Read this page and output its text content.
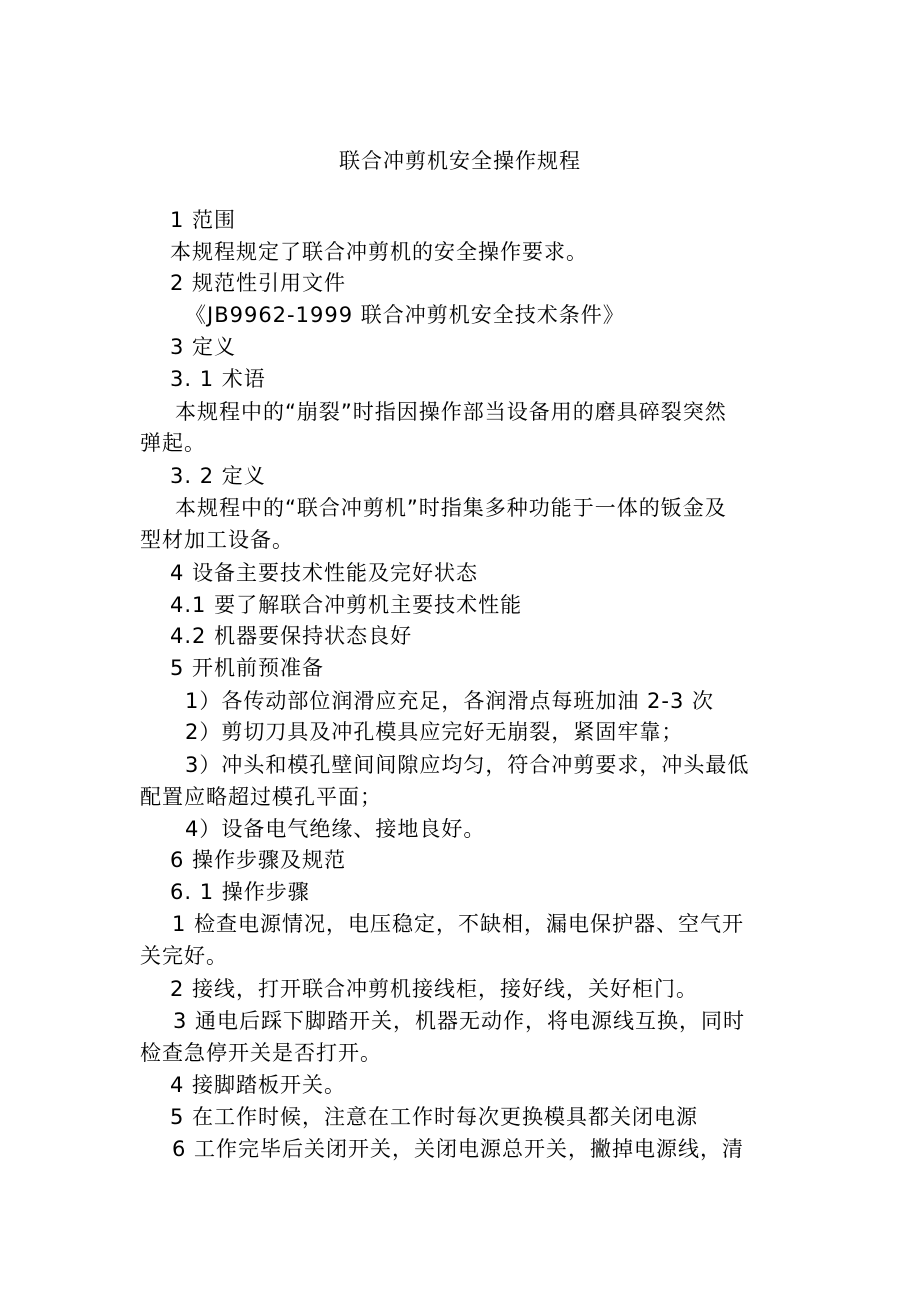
联合冲剪机安全操作规程
1 范围
本规程规定了联合冲剪机的安全操作要求。
2 规范性引用文件
《JB9962-1999 联合冲剪机安全技术条件》
3 定义
3. 1 术语
本规程中的“崩裂”时指因操作部当设备用的磨具碎裂突然
弹起。
3. 2 定义
本规程中的“联合冲剪机”时指集多种功能于一体的钣金及
型材加工设备。
4 设备主要技术性能及完好状态
4.1 要了解联合冲剪机主要技术性能
4.2 机器要保持状态良好
5 开机前预准备
1）各传动部位润滑应充足，各润滑点每班加油 2-3 次
2）剪切刀具及冲孔模具应完好无崩裂，紧固牢靠；
3）冲头和模孔壁间间隙应均匀，符合冲剪要求，冲头最低
配置应略超过模孔平面；
4）设备电气绝缘、接地良好。
6 操作步骤及规范
6. 1 操作步骤
1 检查电源情况，电压稳定，不缺相，漏电保护器、空气开
关完好。
2 接线，打开联合冲剪机接线柜，接好线，关好柜门。
3 通电后踩下脚踏开关，机器无动作，将电源线互换，同时
检查急停开关是否打开。
4 接脚踏板开关。
5 在工作时候，注意在工作时每次更换模具都关闭电源
6 工作完毕后关闭开关，关闭电源总开关，撇掉电源线，清
